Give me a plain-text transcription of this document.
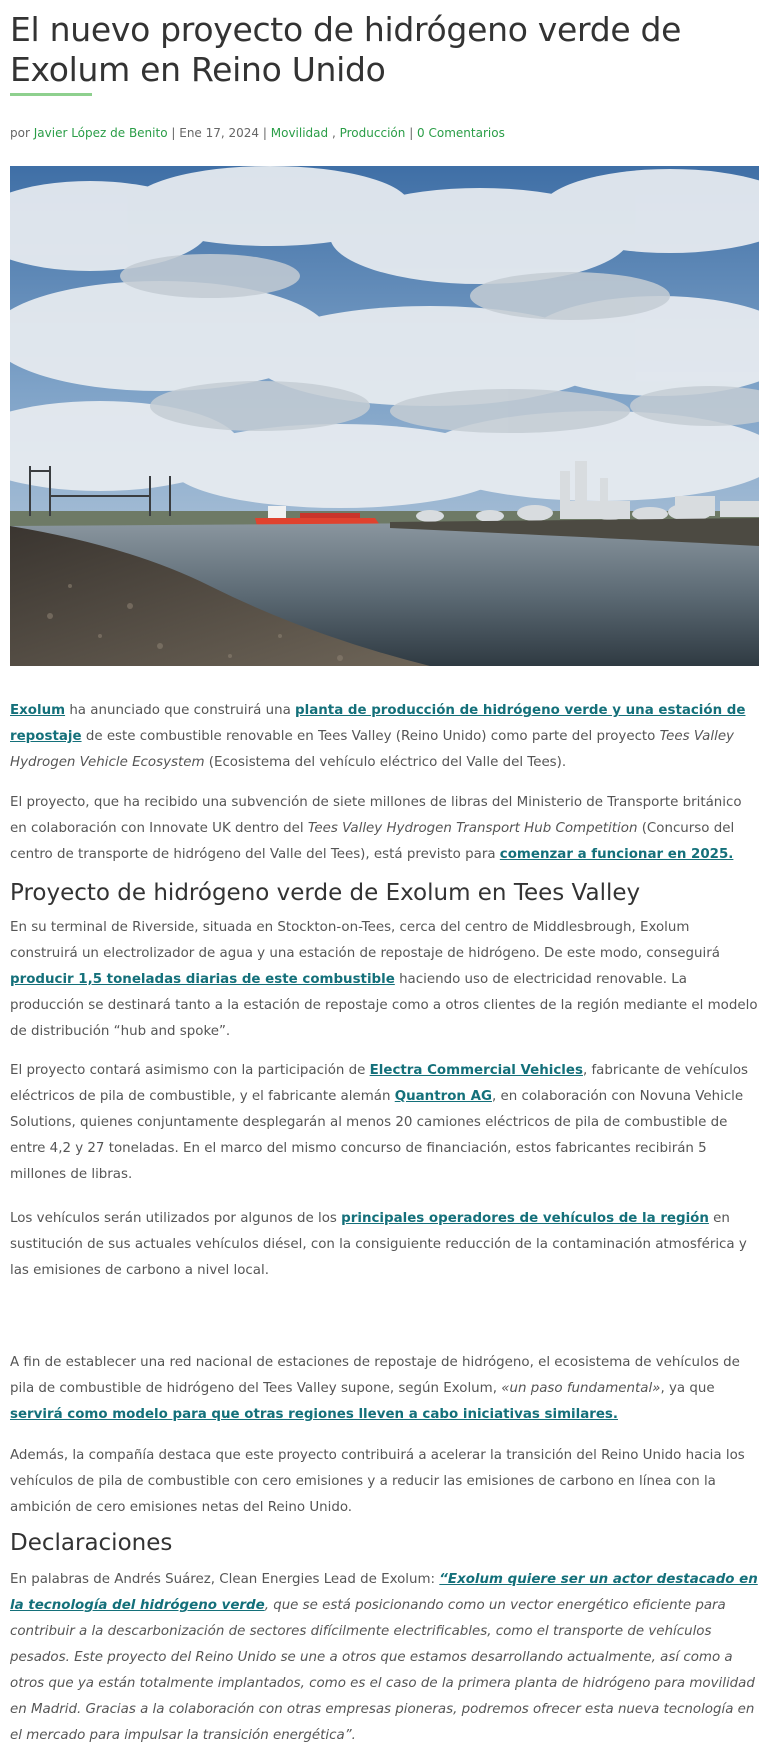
El nuevo proyecto de hidrógeno verde de Exolum en Reino Unido
por Javier López de Benito | Ene 17, 2024 | Movilidad , Producción | 0 Comentarios

Exolum ha anunciado que construirá una planta de producción de hidrógeno verde y una estación de repostaje de este combustible renovable en Tees Valley (Reino Unido) como parte del proyecto Tees Valley Hydrogen Vehicle Ecosystem (Ecosistema del vehículo eléctrico del Valle del Tees).

El proyecto, que ha recibido una subvención de siete millones de libras del Ministerio de Transporte británico en colaboración con Innovate UK dentro del Tees Valley Hydrogen Transport Hub Competition (Concurso del centro de transporte de hidrógeno del Valle del Tees), está previsto para comenzar a funcionar en 2025.

Proyecto de hidrógeno verde de Exolum en Tees Valley

En su terminal de Riverside, situada en Stockton-on-Tees, cerca del centro de Middlesbrough, Exolum construirá un electrolizador de agua y una estación de repostaje de hidrógeno. De este modo, conseguirá producir 1,5 toneladas diarias de este combustible haciendo uso de electricidad renovable. La producción se destinará tanto a la estación de repostaje como a otros clientes de la región mediante el modelo de distribución “hub and spoke”.

El proyecto contará asimismo con la participación de Electra Commercial Vehicles, fabricante de vehículos eléctricos de pila de combustible, y el fabricante alemán Quantron AG, en colaboración con Novuna Vehicle Solutions, quienes conjuntamente desplegarán al menos 20 camiones eléctricos de pila de combustible de entre 4,2 y 27 toneladas. En el marco del mismo concurso de financiación, estos fabricantes recibirán 5 millones de libras.

Los vehículos serán utilizados por algunos de los principales operadores de vehículos de la región en sustitución de sus actuales vehículos diésel, con la consiguiente reducción de la contaminación atmosférica y las emisiones de carbono a nivel local.

A fin de establecer una red nacional de estaciones de repostaje de hidrógeno, el ecosistema de vehículos de pila de combustible de hidrógeno del Tees Valley supone, según Exolum, «un paso fundamental», ya que servirá como modelo para que otras regiones lleven a cabo iniciativas similares.

Además, la compañía destaca que este proyecto contribuirá a acelerar la transición del Reino Unido hacia los vehículos de pila de combustible con cero emisiones y a reducir las emisiones de carbono en línea con la ambición de cero emisiones netas del Reino Unido.

Declaraciones

En palabras de Andrés Suárez, Clean Energies Lead de Exolum: “Exolum quiere ser un actor destacado en la tecnología del hidrógeno verde, que se está posicionando como un vector energético eficiente para contribuir a la descarbonización de sectores difícilmente electrificables, como el transporte de vehículos pesados. Este proyecto del Reino Unido se une a otros que estamos desarrollando actualmente, así como a otros que ya están totalmente implantados, como es el caso de la primera planta de hidrógeno para movilidad en Madrid. Gracias a la colaboración con otras empresas pioneras, podremos ofrecer esta nueva tecnología en el mercado para impulsar la transición energética”.
